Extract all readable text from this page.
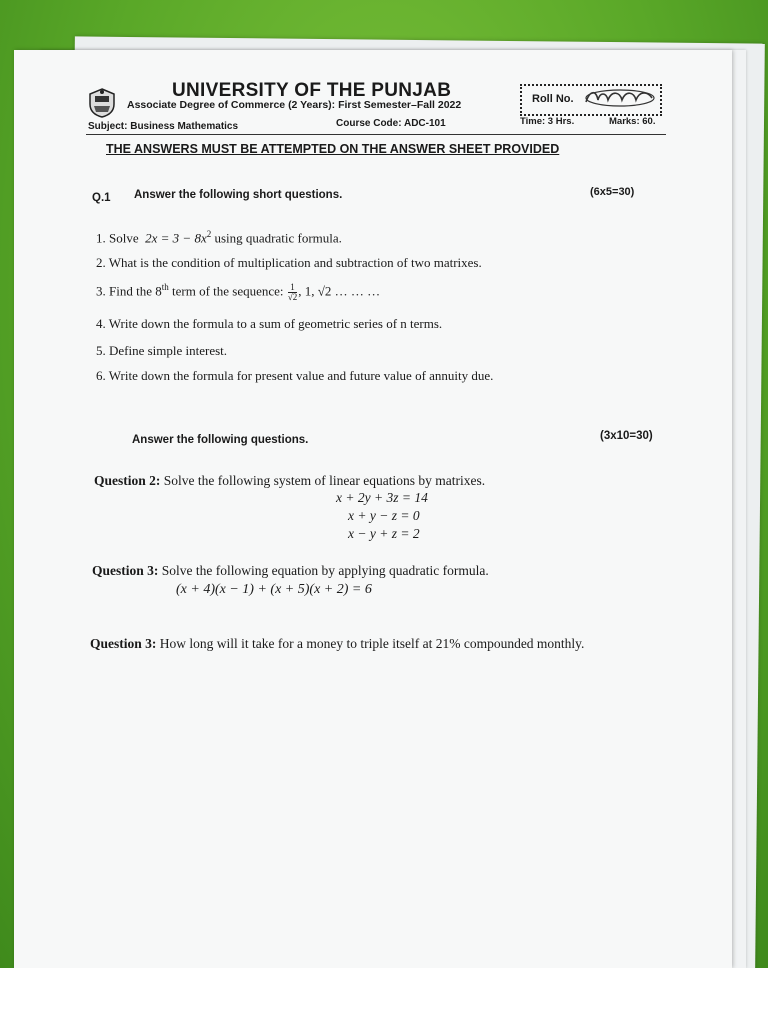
UNIVERSITY OF THE PUNJAB
Associate Degree of Commerce (2 Years): First Semester–Fall 2022	Roll No.
Subject: Business Mathematics	Course Code: ADC-101	Time: 3 Hrs.	Marks: 60.
THE ANSWERS MUST BE ATTEMPTED ON THE ANSWER SHEET PROVIDED
Q.1 Answer the following short questions.	(6x5=30)
1. Solve $2x = 3 - 8x^2$ using quadratic formula.
2. What is the condition of multiplication and subtraction of two matrixes.
3. Find the 8th term of the sequence: $\frac{1}{√2}$ , 1, √2 … … …
4. Write down the formula to a sum of geometric series of n terms.
5. Define simple interest.
6. Write down the formula for present value and future value of annuity due.
Answer the following questions.	(3x10=30)
Question 2: Solve the following system of linear equations by matrixes.
x + 2y + 3z = 14
x + y − z = 0
x − y + z = 2
Question 3: Solve the following equation by applying quadratic formula.
(x + 4)(x − 1) + (x + 5)(x + 2) = 6
Question 3: How long will it take for a money to triple itself at 21% compounded monthly.
